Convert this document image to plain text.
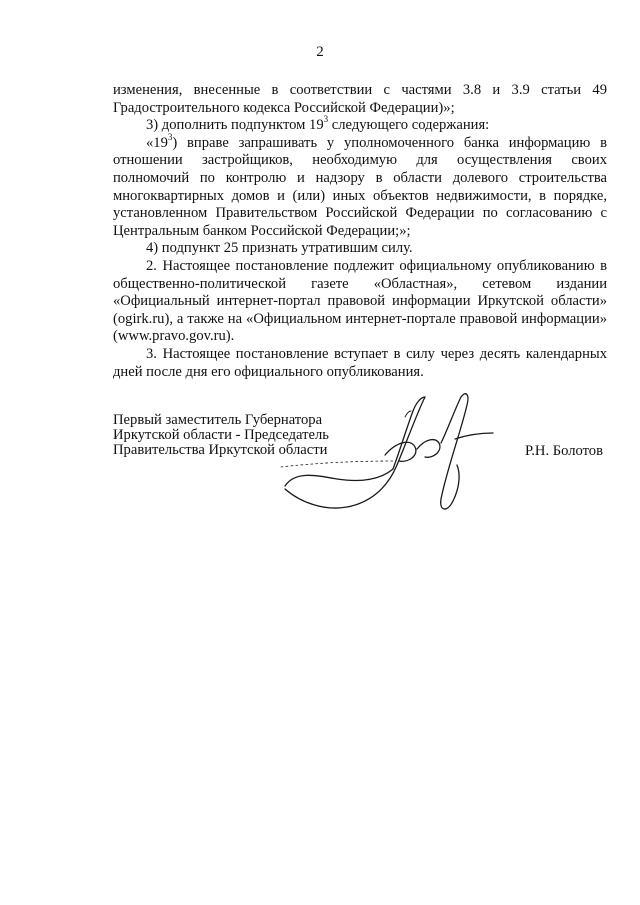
2

изменения, внесенные в соответствии с частями 3.8 и 3.9 статьи 49 Градостроительного кодекса Российской Федерации)»;

3) дополнить подпунктом $19^3$ следующего содержания:

«$19^3$) вправе запрашивать у уполномоченного банка информацию в отношении застройщиков, необходимую для осуществления своих полномочий по контролю и надзору в области долевого строительства многоквартирных домов и (или) иных объектов недвижимости, в порядке, установленном Правительством Российской Федерации по согласованию с Центральным банком Российской Федерации;»;

4) подпункт 25 признать утратившим силу.

2. Настоящее постановление подлежит официальному опубликованию в общественно-политической газете «Областная», сетевом издании «Официальный интернет-портал правовой информации Иркутской области» (ogirk.ru), а также на «Официальном интернет-портале правовой информации» (www.pravo.gov.ru).

3. Настоящее постановление вступает в силу через десять календарных дней после дня его официального опубликования.

Первый заместитель Губернатора
Иркутской области - Председатель
Правительства Иркутской области	Р.Н. Болотов
